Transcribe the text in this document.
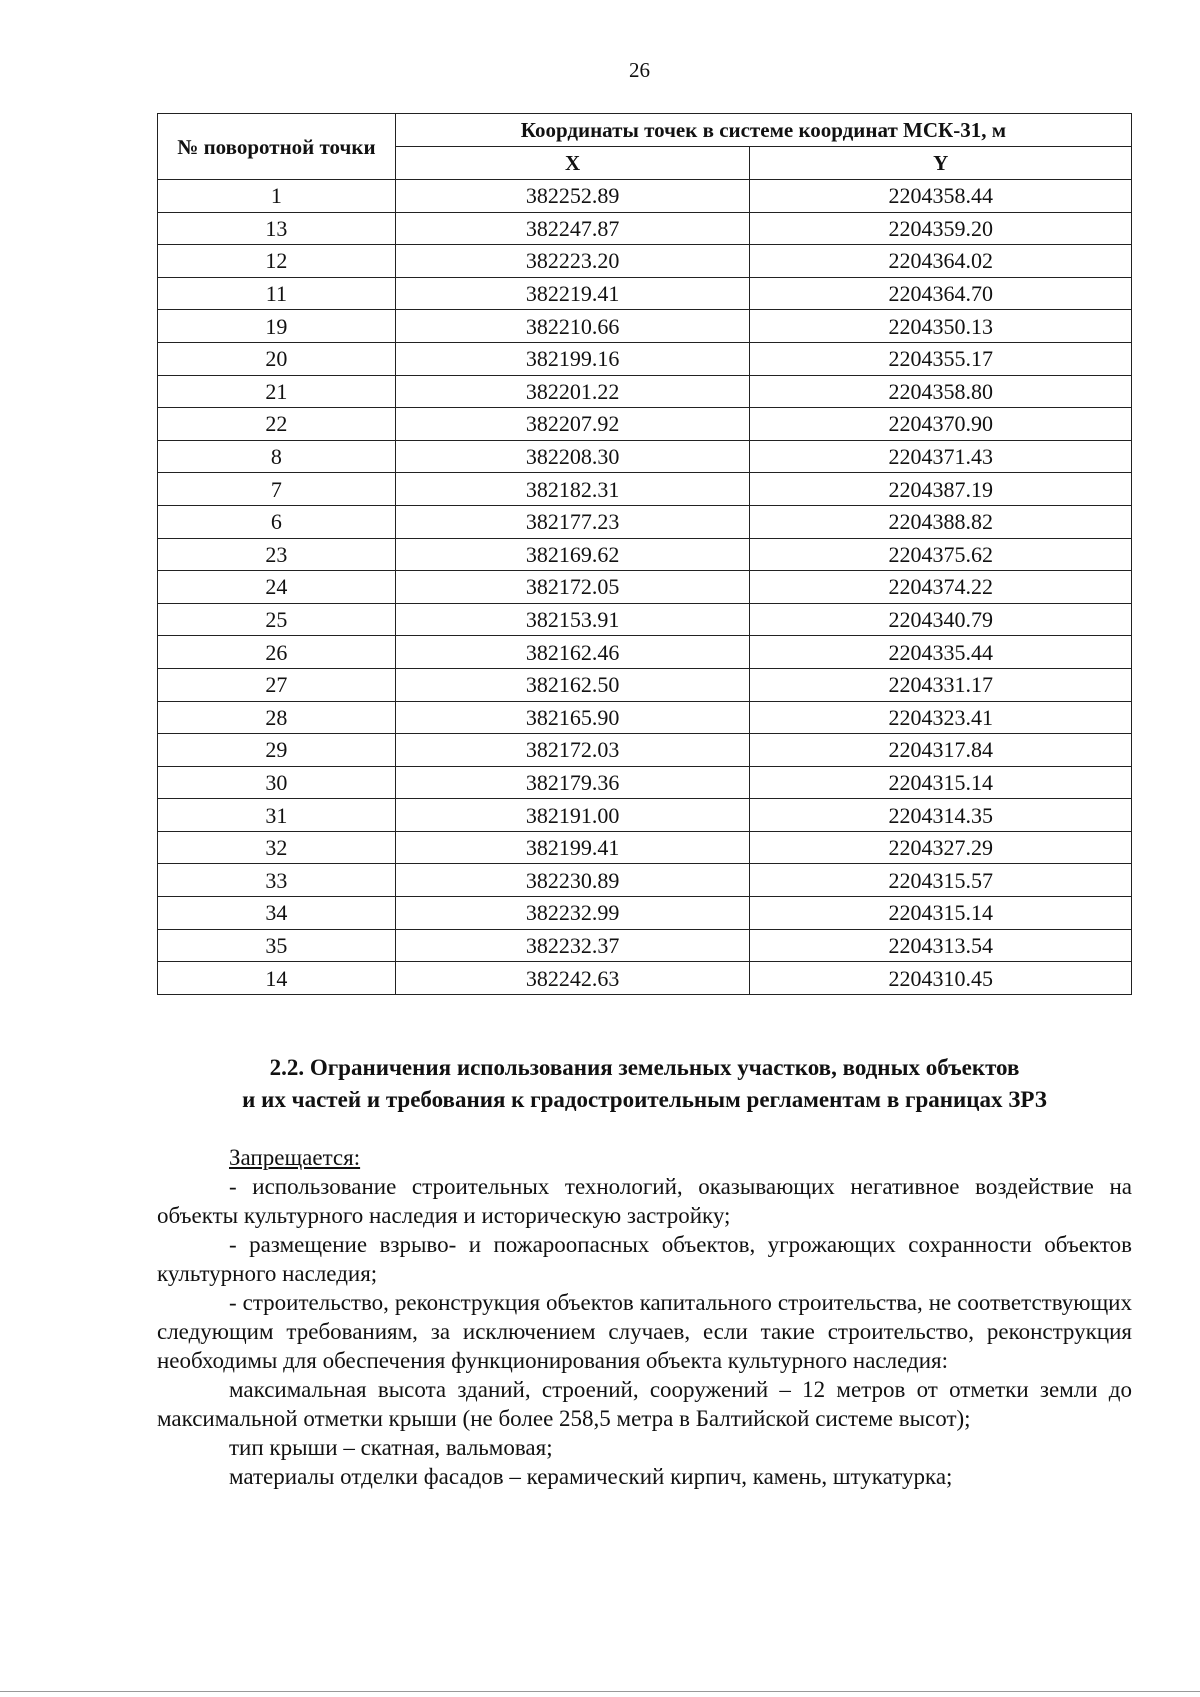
26
№ поворотной точки	Координаты точек в системе координат МСК-31, м	
	X	Y
1	382252.89	2204358.44
13	382247.87	2204359.20
12	382223.20	2204364.02
11	382219.41	2204364.70
19	382210.66	2204350.13
20	382199.16	2204355.17
21	382201.22	2204358.80
22	382207.92	2204370.90
8	382208.30	2204371.43
7	382182.31	2204387.19
6	382177.23	2204388.82
23	382169.62	2204375.62
24	382172.05	2204374.22
25	382153.91	2204340.79
26	382162.46	2204335.44
27	382162.50	2204331.17
28	382165.90	2204323.41
29	382172.03	2204317.84
30	382179.36	2204315.14
31	382191.00	2204314.35
32	382199.41	2204327.29
33	382230.89	2204315.57
34	382232.99	2204315.14
35	382232.37	2204313.54
14	382242.63	2204310.45
2.2. Ограничения использования земельных участков, водных объектов
и их частей и требования к градостроительным регламентам в границах ЗРЗ

Запрещается:

- использование строительных технологий, оказывающих негативное воздействие на объекты культурного наследия и историческую застройку;

- размещение взрыво- и пожароопасных объектов, угрожающих сохранности объектов культурного наследия;

- строительство, реконструкция объектов капитального строительства, не соответствующих следующим требованиям, за исключением случаев, если такие строительство, реконструкция необходимы для обеспечения функционирования объекта культурного наследия:

максимальная высота зданий, строений, сооружений – 12 метров от отметки земли до максимальной отметки крыши (не более 258,5 метра в Балтийской системе высот);

тип крыши – скатная, вальмовая;

материалы отделки фасадов – керамический кирпич, камень, штукатурка;
